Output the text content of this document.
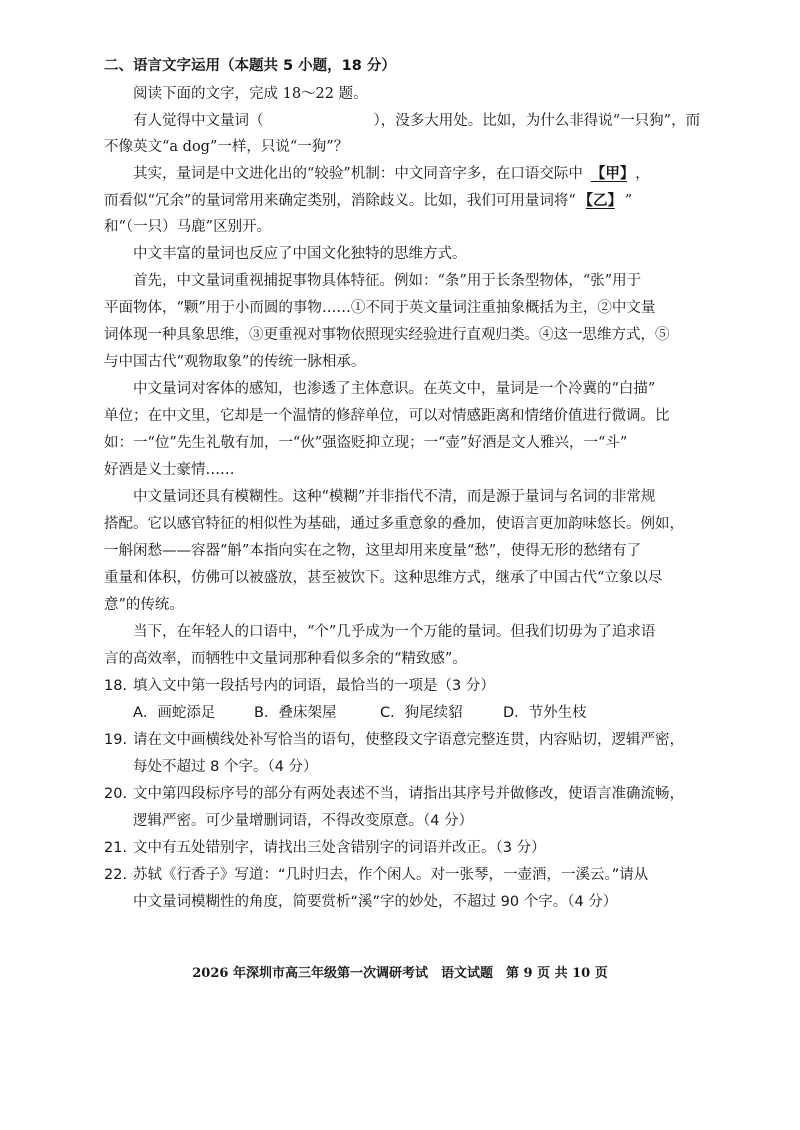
二、语言文字运用（本题共 5 小题，18 分）
阅读下面的文字，完成 18～22 题。
有人觉得中文量词（	），没多大用处。比如，为什么非得说“一只狗”，而
不像英文“a dog”一样，只说“一狗”？
其实，量词是中文进化出的“较验”机制：中文同音字多，在口语交际中 【甲】 ，
而看似“冗余”的量词常用来确定类别，消除歧义。比如，我们可用量词将“ 【乙】 ”
和“（一只）马鹿”区别开。
中文丰富的量词也反应了中国文化独特的思维方式。
首先，中文量词重视捕捉事物具体特征。例如：“条”用于长条型物体，“张”用于
平面物体，“颗”用于小而圆的事物……①不同于英文量词注重抽象概括为主，②中文量
词体现一种具象思维，③更重视对事物依照现实经验进行直观归类。④这一思维方式，⑤
与中国古代“观物取象”的传统一脉相承。
中文量词对客体的感知，也渗透了主体意识。在英文中，量词是一个冷冀的“白描”
单位；在中文里，它却是一个温情的修辞单位，可以对情感距离和情绪价值进行微调。比
如：一“位”先生礼敬有加，一“伙”强盗贬抑立现；一“壶”好酒是文人雅兴，一“斗”
好酒是义士豪情……
中文量词还具有模糊性。这种“模糊”并非指代不清，而是源于量词与名词的非常规
搭配。它以感官特征的相似性为基础，通过多重意象的叠加，使语言更加韵味悠长。例如，
一斛闲愁——容器“斛”本指向实在之物，这里却用来度量“愁”，使得无形的愁绪有了
重量和体积，仿佛可以被盛放，甚至被饮下。这种思维方式，继承了中国古代“立象以尽
意”的传统。
当下，在年轻人的口语中，“个”几乎成为一个万能的量词。但我们切毋为了追求语
言的高效率，而牺牲中文量词那种看似多余的“精致感”。
18. 填入文中第一段括号内的词语，最恰当的一项是（3 分）
A．画蛇添足	B．叠床架屋	C．狗尾续貂	D．节外生枝
19. 请在文中画横线处补写恰当的语句，使整段文字语意完整连贯，内容贴切，逻辑严密，
每处不超过 8 个字。（4 分）
20. 文中第四段标序号的部分有两处表述不当，请指出其序号并做修改，使语言准确流畅，
逻辑严密。可少量增删词语，不得改变原意。（4 分）
21. 文中有五处错别字，请找出三处含错别字的词语并改正。（3 分）
22. 苏轼《行香子》写道：“几时归去，作个闲人。对一张琴，一壶酒，一溪云。”请从
中文量词模糊性的角度，简要赏析“溪”字的妙处，不超过 90 个字。（4 分）
2026 年深圳市高三年级第一次调研考试　语文试题　第 9 页 共 10 页
